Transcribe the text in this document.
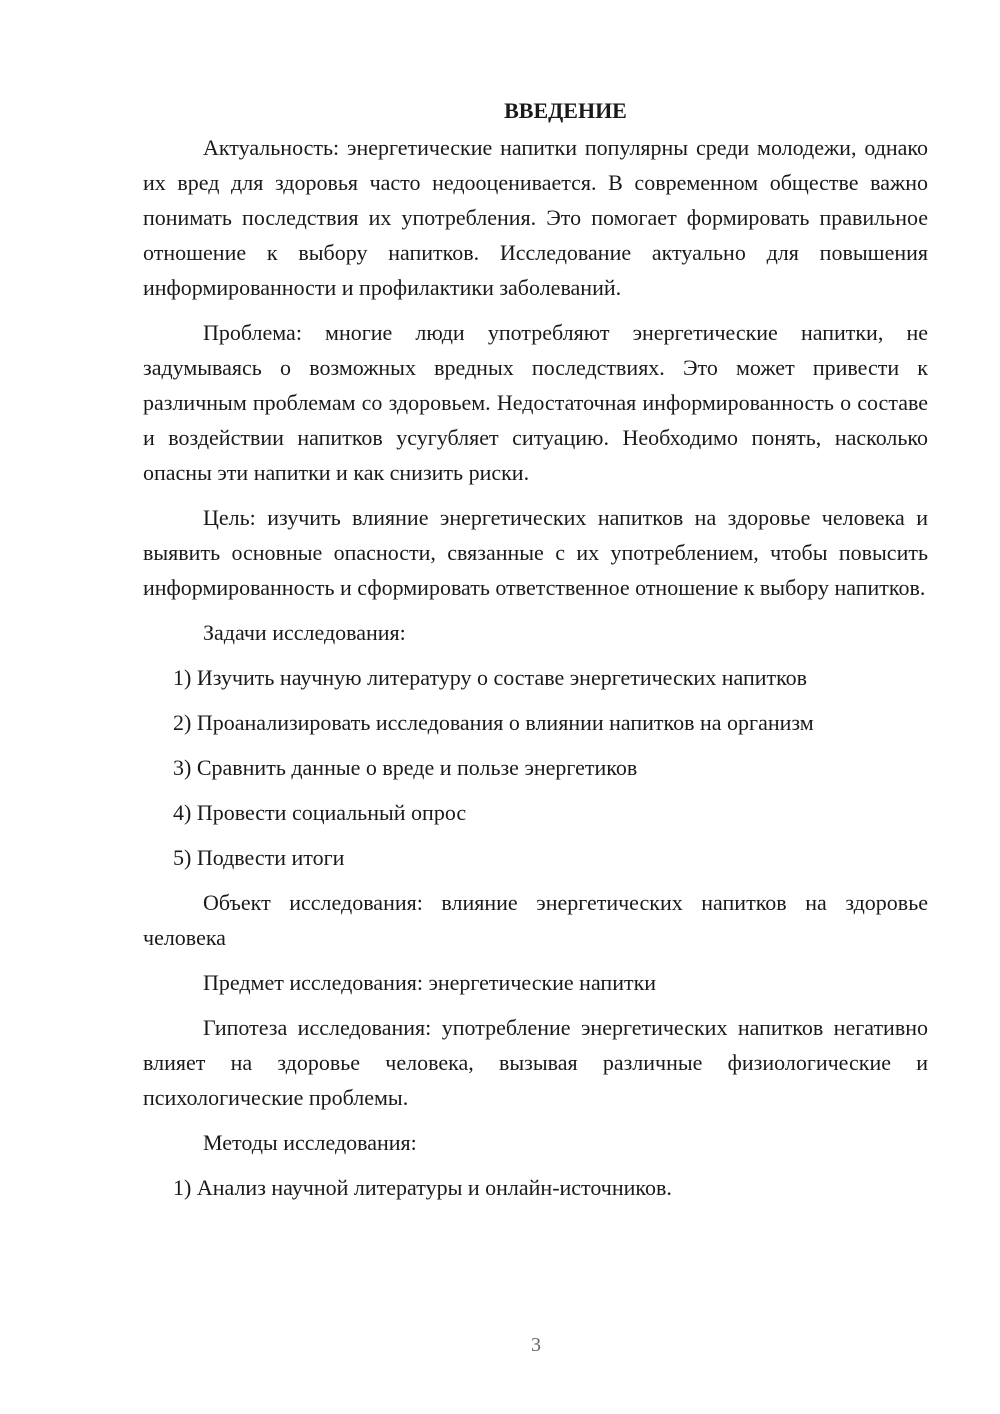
ВВЕДЕНИЕ

Актуальность: энергетические напитки популярны среди молодежи, однако их вред для здоровья часто недооценивается. В современном обществе важно понимать последствия их употребления. Это помогает формировать правильное отношение к выбору напитков. Исследование актуально для повышения информированности и профилактики заболеваний.

Проблема: многие люди употребляют энергетические напитки, не задумываясь о возможных вредных последствиях. Это может привести к различным проблемам со здоровьем. Недостаточная информированность о составе и воздействии напитков усугубляет ситуацию. Необходимо понять, насколько опасны эти напитки и как снизить риски.

Цель: изучить влияние энергетических напитков на здоровье человека и выявить основные опасности, связанные с их употреблением, чтобы повысить информированность и сформировать ответственное отношение к выбору напитков.

Задачи исследования:

1) Изучить научную литературу о составе энергетических напитков

2) Проанализировать исследования о влиянии напитков на организм

3) Сравнить данные о вреде и пользе энергетиков

4) Провести социальный опрос

5) Подвести итоги

Объект исследования: влияние энергетических напитков на здоровье человека

Предмет исследования: энергетические напитки

Гипотеза исследования: употребление энергетических напитков негативно влияет на здоровье человека, вызывая различные физиологические и психологические проблемы.

Методы исследования:

1) Анализ научной литературы и онлайн-источников.

3
